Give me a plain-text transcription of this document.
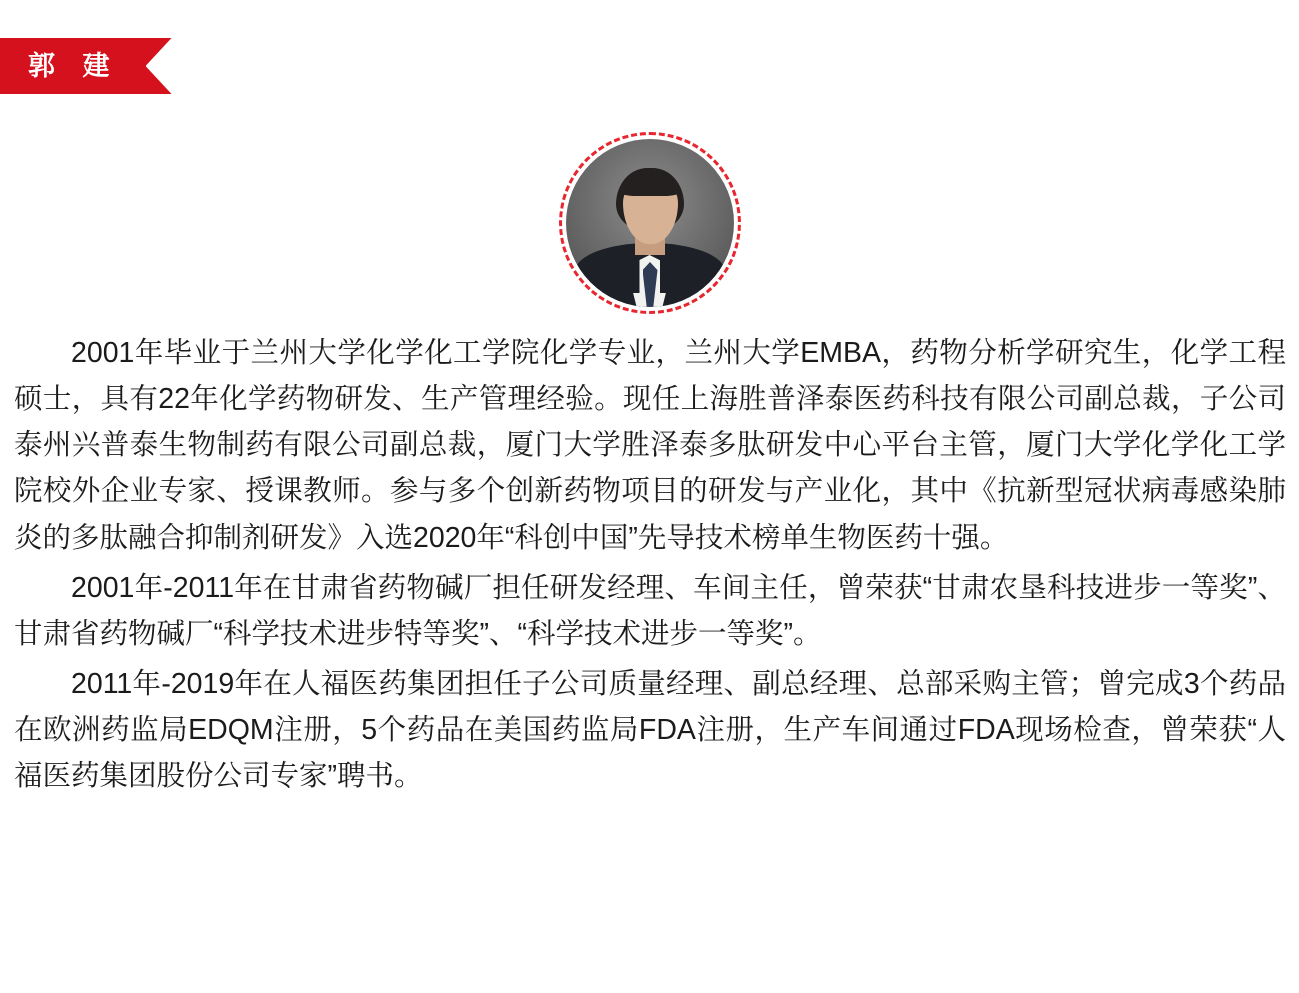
郭 建

2001年毕业于兰州大学化学化工学院化学专业，兰州大学EMBA，药物分析学研究生，化学工程硕士，具有22年化学药物研发、生产管理经验。现任上海胜普泽泰医药科技有限公司副总裁，子公司泰州兴普泰生物制药有限公司副总裁，厦门大学胜泽泰多肽研发中心平台主管，厦门大学化学化工学院校外企业专家、授课教师。参与多个创新药物项目的研发与产业化，其中《抗新型冠状病毒感染肺炎的多肽融合抑制剂研发》入选2020年“科创中国”先导技术榜单生物医药十强。

2001年-2011年在甘肃省药物碱厂担任研发经理、车间主任，曾荣获“甘肃农垦科技进步一等奖”、 甘肃省药物碱厂“科学技术进步特等奖”、“科学技术进步一等奖”。

2011年-2019年在人福医药集团担任子公司质量经理、副总经理、总部采购主管；曾完成3个药品在欧洲药监局EDQM注册，5个药品在美国药监局FDA注册，生产车间通过FDA现场检查，曾荣获“人福医药集团股份公司专家”聘书。
